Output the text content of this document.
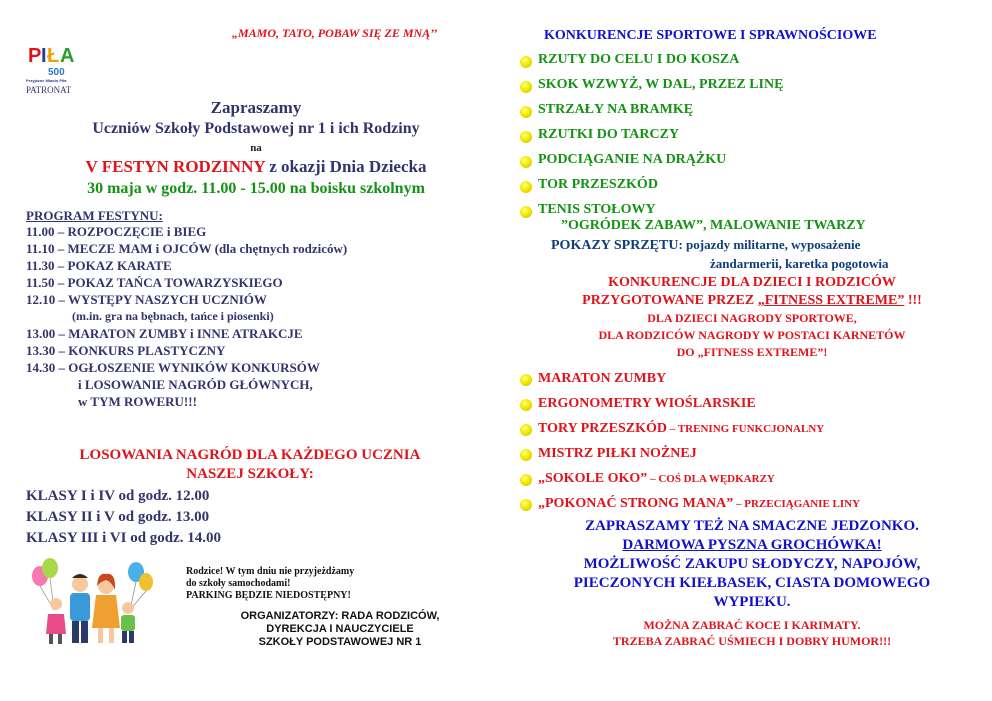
„MAMO, TATO, POBAW SIĘ ZE MNĄ’’
P I Ł A
500
Przyjazne Miasto Piła
PATRONAT
Zapraszamy
Uczniów Szkoły Podstawowej nr 1 i ich Rodziny
na
V FESTYN RODZINNY z okazji Dnia Dziecka
30 maja w godz. 11.00 - 15.00 na boisku szkolnym
PROGRAM FESTYNU:
11.00 – ROZPOCZĘCIE i BIEG
11.10 – MECZE MAM i OJCÓW (dla chętnych rodziców)
11.30 – POKAZ KARATE
11.50 – POKAZ TAŃCA TOWARZYSKIEGO
12.10 – WYSTĘPY NASZYCH UCZNIÓW
(m.in. gra na bębnach, tańce i piosenki)
13.00 – MARATON ZUMBY i INNE ATRAKCJE
13.30 – KONKURS PLASTYCZNY
14.30 – OGŁOSZENIE WYNIKÓW KONKURSÓW
i LOSOWANIE NAGRÓD GŁÓWNYCH,
w TYM ROWERU!!!
LOSOWANIA NAGRÓD DLA KAŻDEGO UCZNIA
NASZEJ SZKOŁY:
KLASY I i IV od godz. 12.00
KLASY II i V od godz. 13.00
KLASY III i VI od godz. 14.00
Rodzice! W tym dniu nie przyjeżdżamy
do szkoły samochodami!
PARKING BĘDZIE NIEDOSTĘPNY!
ORGANIZATORZY: RADA RODZICÓW,
DYREKCJA I NAUCZYCIELE
SZKOŁY PODSTAWOWEJ NR 1
KONKURENCJE SPORTOWE I SPRAWNOŚCIOWE
RZUTY DO CELU I DO KOSZA
SKOK WZWYŻ, W DAL, PRZEZ LINĘ
STRZAŁY NA BRAMKĘ
RZUTKI DO TARCZY
PODCIĄGANIE NA DRĄŻKU
TOR PRZESZKÓD
TENIS STOŁOWY
”OGRÓDEK ZABAW”, MALOWANIE TWARZY
POKAZY SPRZĘTU: pojazdy militarne, wyposażenie
żandarmerii, karetka pogotowia
KONKURENCJE DLA DZIECI I RODZICÓW
PRZYGOTOWANE PRZEZ „FITNESS EXTREME” !!!
DLA DZIECI NAGRODY SPORTOWE,
DLA RODZICÓW NAGRODY W POSTACI KARNETÓW
DO „FITNESS EXTREME”!
MARATON ZUMBY
ERGONOMETRY WIOŚLARSKIE
TORY PRZESZKÓD – TRENING FUNKCJONALNY
MISTRZ PIŁKI NOŻNEJ
„SOKOLE OKO” – COŚ DLA WĘDKARZY
„POKONAĆ STRONG MANA” – PRZECIĄGANIE LINY
ZAPRASZAMY TEŻ NA SMACZNE JEDZONKO.
DARMOWA PYSZNA GROCHÓWKA!
MOŻLIWOŚĆ ZAKUPU SŁODYCZY, NAPOJÓW,
PIECZONYCH KIEŁBASEK, CIASTA DOMOWEGO
WYPIEKU.
MOŻNA ZABRAĆ KOCE I KARIMATY.
TRZEBA ZABRAĆ UŚMIECH I DOBRY HUMOR!!!
